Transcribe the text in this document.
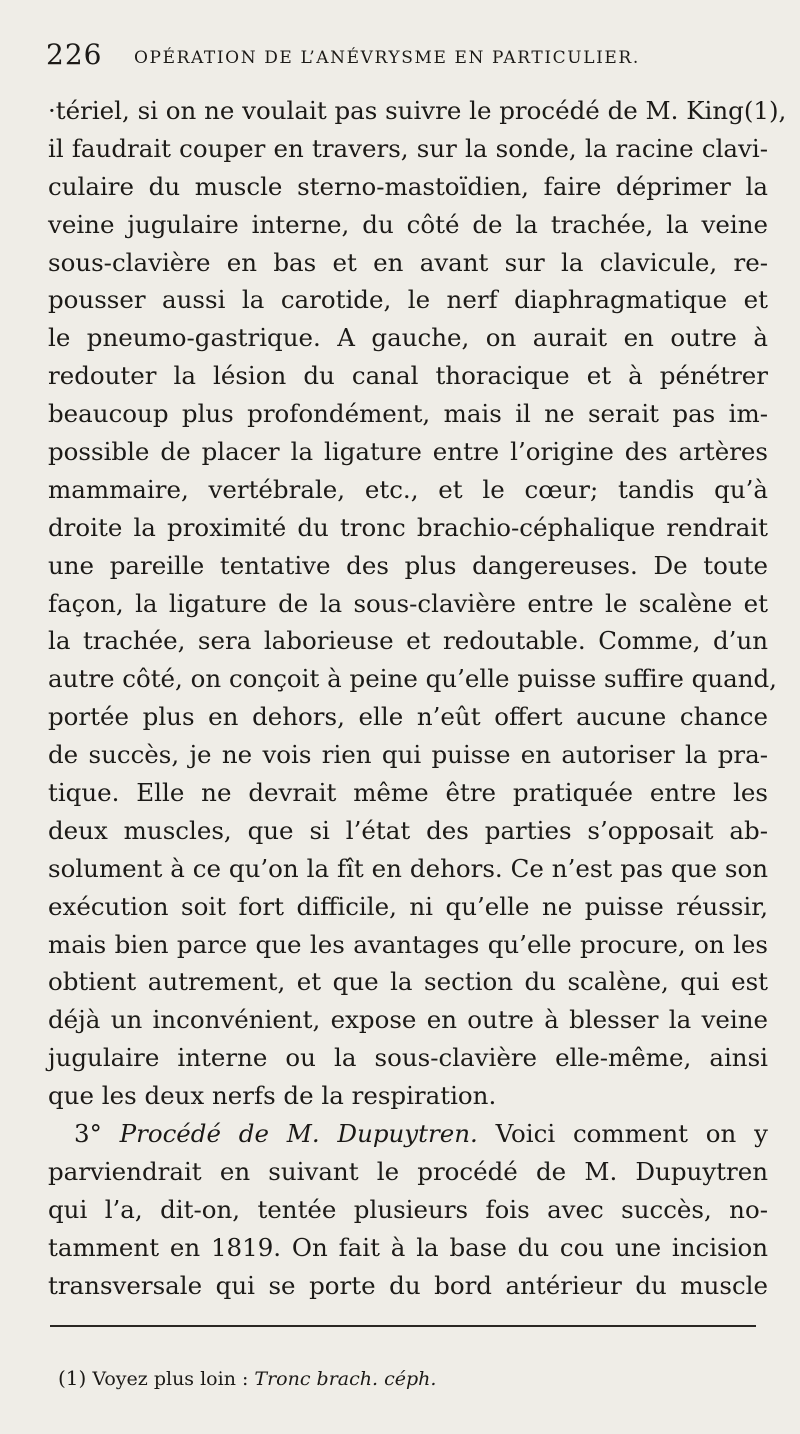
226 OPÉRATION DE L’ANÉVRYSME EN PARTICULIER.
·tériel, si on ne voulait pas suivre le procédé de M. King(1),
il faudrait couper en travers, sur la sonde, la racine clavi-
culaire du muscle sterno-mastoïdien, faire déprimer la
veine jugulaire interne, du côté de la trachée, la veine
sous-clavière en bas et en avant sur la clavicule, re-
pousser aussi la carotide, le nerf diaphragmatique et
le pneumo-gastrique. A gauche, on aurait en outre à
redouter la lésion du canal thoracique et à pénétrer
beaucoup plus profondément, mais il ne serait pas im-
possible de placer la ligature entre l’origine des artères
mammaire, vertébrale, etc., et le cœur; tandis qu’à
droite la proximité du tronc brachio-céphalique rendrait
une pareille tentative des plus dangereuses. De toute
façon, la ligature de la sous-clavière entre le scalène et
la trachée, sera laborieuse et redoutable. Comme, d’un
autre côté, on conçoit à peine qu’elle puisse suffire quand,
portée plus en dehors, elle n’eût offert aucune chance
de succès, je ne vois rien qui puisse en autoriser la pra-
tique. Elle ne devrait même être pratiquée entre les
deux muscles, que si l’état des parties s’opposait ab-
solument à ce qu’on la fît en dehors. Ce n’est pas que son
exécution soit fort difficile, ni qu’elle ne puisse réussir,
mais bien parce que les avantages qu’elle procure, on les
obtient autrement, et que la section du scalène, qui est
déjà un inconvénient, expose en outre à blesser la veine
jugulaire interne ou la sous-clavière elle-même, ainsi
que les deux nerfs de la respiration.
3° Procédé de M. Dupuytren. Voici comment on y
parviendrait en suivant le procédé de M. Dupuytren
qui l’a, dit-on, tentée plusieurs fois avec succès, no-
tamment en 1819. On fait à la base du cou une incision
transversale qui se porte du bord antérieur du muscle
(1) Voyez plus loin : Tronc brach. céph.
